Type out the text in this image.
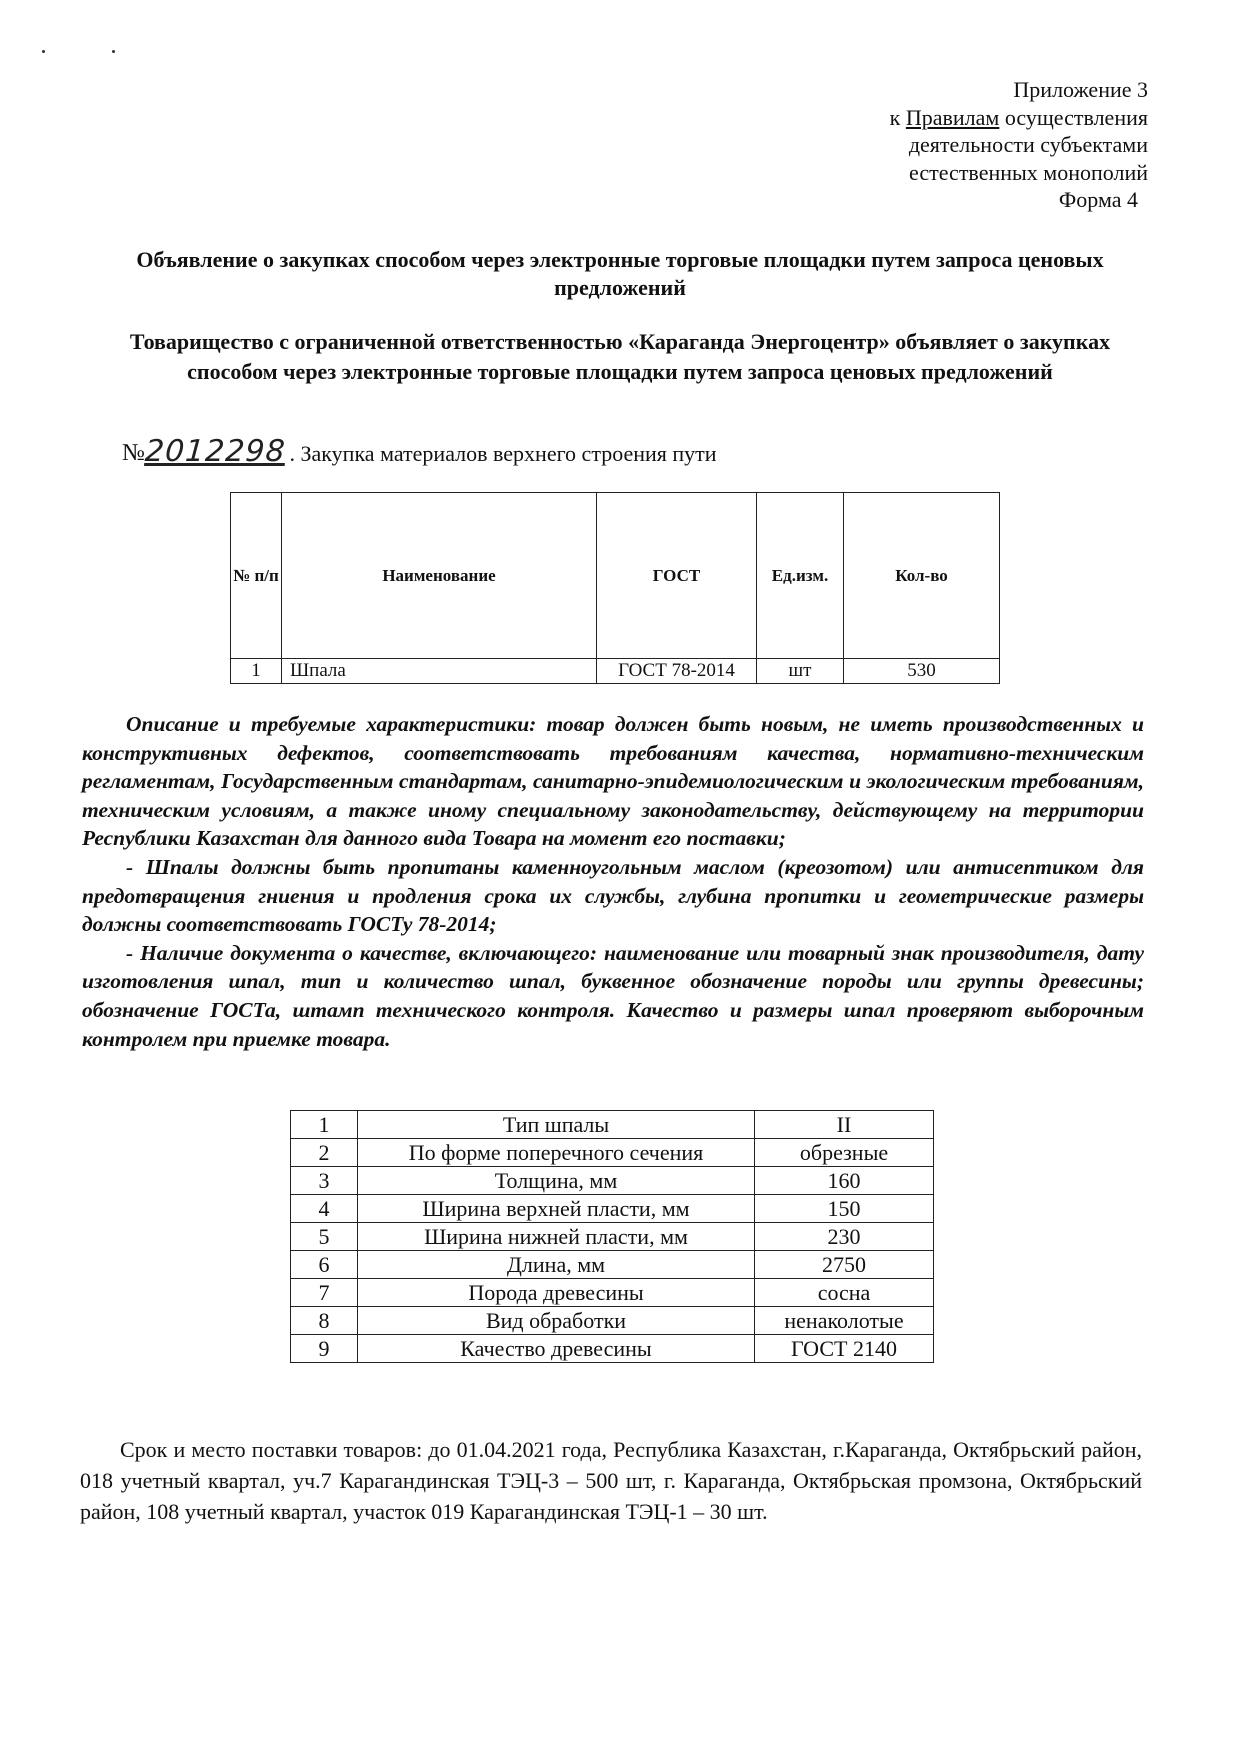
Приложение 3
к Правилам осуществления
деятельности субъектами
естественных монополий
Форма 4
Объявление о закупках способом через электронные торговые площадки путем запроса ценовых предложений
Товарищество с ограниченной ответственностью «Караганда Энергоцентр» объявляет о закупках способом через электронные торговые площадки путем запроса ценовых предложений
№
2012298 . Закупка материалов верхнего строения пути
№ п/п	Наименование	ГОСТ	Ед.изм.	Кол-во
1	Шпала	ГОСТ 78-2014	шт	530

Описание и требуемые характеристики: товар должен быть новым, не иметь производственных и конструктивных дефектов, соответствовать требованиям качества, нормативно-техническим регламентам, Государственным стандартам, санитарно-эпидемиологическим и экологическим требованиям, техническим условиям, а также иному специальному законодательству, действующему на территории Республики Казахстан для данного вида Товара на момент его поставки;

- Шпалы должны быть пропитаны каменноугольным маслом (креозотом) или антисептиком для предотвращения гниения и продления срока их службы, глубина пропитки и геометрические размеры должны соответствовать ГОСТу 78-2014;

- Наличие документа о качестве, включающего: наименование или товарный знак производителя, дату изготовления шпал, тип и количество шпал, буквенное обозначение породы или группы древесины; обозначение ГОСТа, штамп технического контроля. Качество и размеры шпал проверяют выборочным контролем при приемке товара.

1	Тип шпалы	II
2	По форме поперечного сечения	обрезные
3	Толщина, мм	160
4	Ширина верхней пласти, мм	150
5	Ширина нижней пласти, мм	230
6	Длина, мм	2750
7	Порода древесины	сосна
8	Вид обработки	ненаколотые
9	Качество древесины	ГОСТ 2140
Срок и место поставки товаров: до 01.04.2021 года, Республика Казахстан, г.Караганда, Октябрьский район, 018 учетный квартал, уч.7 Карагандинская ТЭЦ-3 – 500 шт, г. Караганда, Октябрьская промзона, Октябрьский район, 108 учетный квартал, участок 019 Карагандинская ТЭЦ-1 – 30 шт.
